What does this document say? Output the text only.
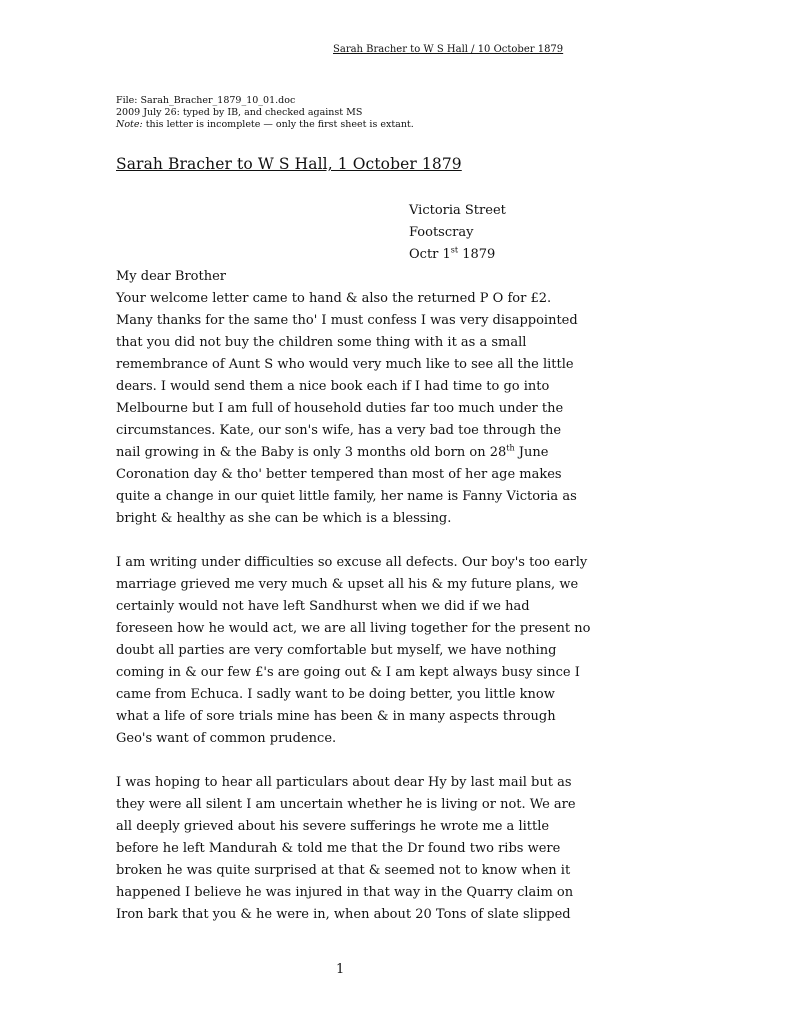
Sarah Bracher to W S Hall / 10 October 1879
File: Sarah_Bracher_1879_10_01.doc
2009 July 26: typed by IB, and checked against MS
Note: this letter is incomplete — only the first sheet is extant.
Sarah Bracher to W S Hall, 1 October 1879
Victoria Street
Footscray
Octr 1st 1879

My dear Brother

Your welcome letter came to hand & also the returned P O for £2.
Many thanks for the same tho' I must confess I was very disappointed
that you did not buy the children some thing with it as a small
remembrance of Aunt S who would very much like to see all the little
dears. I would send them a nice book each if I had time to go into
Melbourne but I am full of household duties far too much under the
circumstances. Kate, our son's wife, has a very bad toe through the
nail growing in & the Baby is only 3 months old born on 28th June
Coronation day & tho' better tempered than most of her age makes
quite a change in our quiet little family, her name is Fanny Victoria as
bright & healthy as she can be which is a blessing.

I am writing under difficulties so excuse all defects. Our boy's too early
marriage grieved me very much & upset all his & my future plans, we
certainly would not have left Sandhurst when we did if we had
foreseen how he would act, we are all living together for the present no
doubt all parties are very comfortable but myself, we have nothing
coming in & our few £'s are going out & I am kept always busy since I
came from Echuca. I sadly want to be doing better, you little know
what a life of sore trials mine has been & in many aspects through
Geo's want of common prudence.

I was hoping to hear all particulars about dear Hy by last mail but as
they were all silent I am uncertain whether he is living or not. We are
all deeply grieved about his severe sufferings he wrote me a little
before he left Mandurah & told me that the Dr found two ribs were
broken he was quite surprised at that & seemed not to know when it
happened I believe he was injured in that way in the Quarry claim on
Iron bark that you & he were in, when about 20 Tons of slate slipped

1
